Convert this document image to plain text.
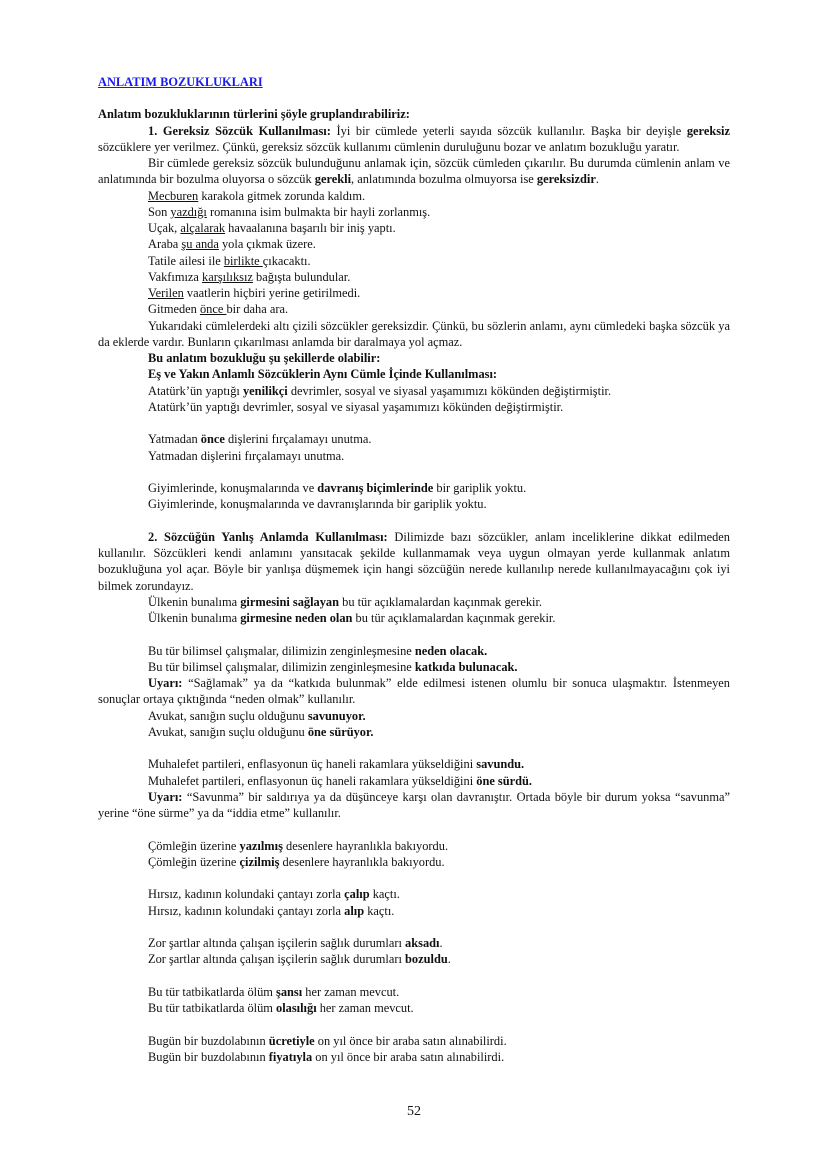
ANLATIM BOZUKLUKLARI

Anlatım bozukluklarının türlerini şöyle gruplandırabiliriz:

1. Gereksiz Sözcük Kullanılması: İyi bir cümlede yeterli sayıda sözcük kullanılır. Başka bir deyişle gereksiz sözcüklere yer verilmez. Çünkü, gereksiz sözcük kullanımı cümlenin duruluğunu bozar ve anlatım bozukluğu yaratır.

Bir cümlede gereksiz sözcük bulunduğunu anlamak için, sözcük cümleden çıkarılır. Bu durumda cümlenin anlam ve anlatımında bir bozulma oluyorsa o sözcük gerekli, anlatımında bozulma olmuyorsa ise gereksizdir.

Mecburen karakola gitmek zorunda kaldım.

Son yazdığı romanına isim bulmakta bir hayli zorlanmış.

Uçak, alçalarak havaalanına başarılı bir iniş yaptı.

Araba şu anda yola çıkmak üzere.

Tatile ailesi ile birlikte çıkacaktı.

Vakfımıza karşılıksız bağışta bulundular.

Verilen vaatlerin hiçbiri yerine getirilmedi.

Gitmeden önce bir daha ara.

Yukarıdaki cümlelerdeki altı çizili sözcükler gereksizdir. Çünkü, bu sözlerin anlamı, aynı cümledeki başka sözcük ya da eklerde vardır. Bunların çıkarılması anlamda bir daralmaya yol açmaz.

Bu anlatım bozukluğu şu şekillerde olabilir:

Eş ve Yakın Anlamlı Sözcüklerin Aynı Cümle İçinde Kullanılması:

Atatürk’ün yaptığı yenilikçi devrimler, sosyal ve siyasal yaşamımızı kökünden değiştirmiştir.

Atatürk’ün yaptığı devrimler, sosyal ve siyasal yaşamımızı kökünden değiştirmiştir.

Yatmadan önce dişlerini fırçalamayı unutma.

Yatmadan dişlerini fırçalamayı unutma.

Giyimlerinde, konuşmalarında ve davranış biçimlerinde bir gariplik yoktu.

Giyimlerinde, konuşmalarında ve davranışlarında bir gariplik yoktu.

2. Sözcüğün Yanlış Anlamda Kullanılması: Dilimizde bazı sözcükler, anlam inceliklerine dikkat edilmeden kullanılır. Sözcükleri kendi anlamını yansıtacak şekilde kullanmamak veya uygun olmayan yerde kullanmak anlatım bozukluğuna yol açar. Böyle bir yanlışa düşmemek için hangi sözcüğün nerede kullanılıp nerede kullanılmayacağını çok iyi bilmek zorundayız.

Ülkenin bunalıma girmesini sağlayan bu tür açıklamalardan kaçınmak gerekir.

Ülkenin bunalıma girmesine neden olan bu tür açıklamalardan kaçınmak gerekir.

Bu tür bilimsel çalışmalar, dilimizin zenginleşmesine neden olacak.

Bu tür bilimsel çalışmalar, dilimizin zenginleşmesine katkıda bulunacak.

Uyarı: “Sağlamak” ya da “katkıda bulunmak” elde edilmesi istenen olumlu bir sonuca ulaşmaktır. İstenmeyen sonuçlar ortaya çıktığında “neden olmak” kullanılır.

Avukat, sanığın suçlu olduğunu savunuyor.

Avukat, sanığın suçlu olduğunu öne sürüyor.

Muhalefet partileri, enflasyonun üç haneli rakamlara yükseldiğini savundu.

Muhalefet partileri, enflasyonun üç haneli rakamlara yükseldiğini öne sürdü.

Uyarı: “Savunma” bir saldırıya ya da düşünceye karşı olan davranıştır. Ortada böyle bir durum yoksa “savunma” yerine “öne sürme” ya da “iddia etme” kullanılır.

Çömleğin üzerine yazılmış desenlere hayranlıkla bakıyordu.

Çömleğin üzerine çizilmiş desenlere hayranlıkla bakıyordu.

Hırsız, kadının kolundaki çantayı zorla çalıp kaçtı.

Hırsız, kadının kolundaki çantayı zorla alıp kaçtı.

Zor şartlar altında çalışan işçilerin sağlık durumları aksadı.

Zor şartlar altında çalışan işçilerin sağlık durumları bozuldu.

Bu tür tatbikatlarda ölüm şansı her zaman mevcut.

Bu tür tatbikatlarda ölüm olasılığı her zaman mevcut.

Bugün bir buzdolabının ücretiyle on yıl önce bir araba satın alınabilirdi.

Bugün bir buzdolabının fiyatıyla on yıl önce bir araba satın alınabilirdi.

52
